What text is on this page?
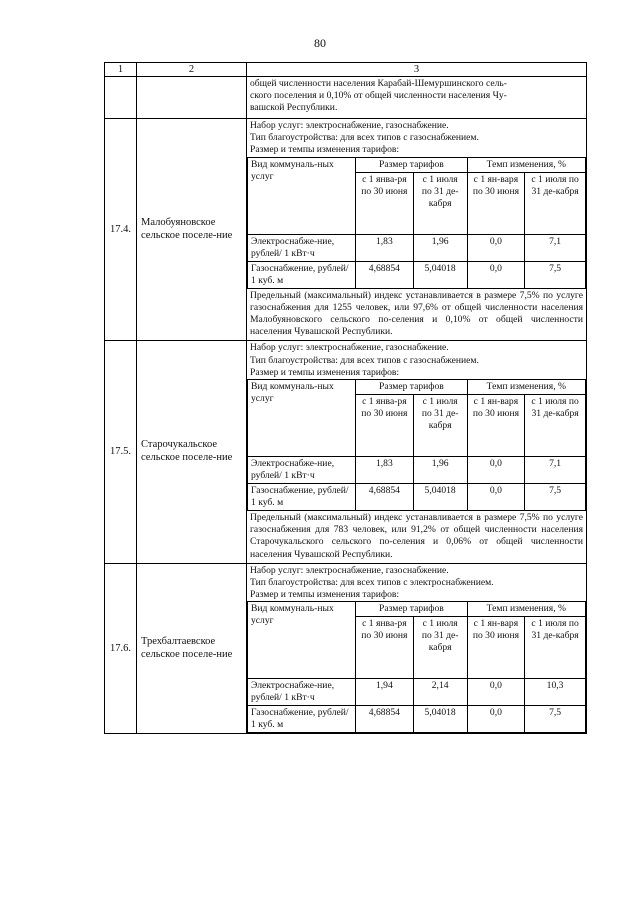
80
1	2	3

общей численности населения Карабай-Шемуршинского сель-
ского поселения и 0,10% от общей численности населения Чу-
вашской Республики.

17.4.	Малобуяновское сельское поселе-ние	
Набор услуг: электроснабжение, газоснабжение.
Тип благоустройства: для всех типов с газоснабжением.
Размер и темпы изменения тарифов:
Вид коммуналь-ных услуг	Размер тарифов	Темп изменения, %
с 1 янва-ря по 30 июня	с 1 июля по 31 де-кабря	с 1 ян-варя по 30 июня	с 1 июля по 31 де-кабря
Электроснабже-ние, рублей/ 1 кВт·ч	1,83	1,96	0,0	7,1
Газоснабжение, рублей/ 1 куб. м	4,68854	5,04018	0,0	7,5
Предельный (максимальный) индекс устанавливается в размере 7,5% по услуге газоснабжения для 1255 человек, или 97,6% от общей численности населения Малобуяновского сельского по-селения и 0,10% от общей численности населения Чувашской Республики.

17.5.	Старочукальское сельское поселе-ние	
Набор услуг: электроснабжение, газоснабжение.
Тип благоустройства: для всех типов с газоснабжением.
Размер и темпы изменения тарифов:
Вид коммуналь-ных услуг	Размер тарифов	Темп изменения, %
с 1 янва-ря по 30 июня	с 1 июля по 31 де-кабря	с 1 ян-варя по 30 июня	с 1 июля по 31 де-кабря
Электроснабже-ние, рублей/ 1 кВт·ч	1,83	1,96	0,0	7,1
Газоснабжение, рублей/ 1 куб. м	4,68854	5,04018	0,0	7,5
Предельный (максимальный) индекс устанавливается в размере 7,5% по услуге газоснабжения для 783 человек, или 91,2% от общей численности населения Старочукальского сельского по-селения и 0,06% от общей численности населения Чувашской Республики.

17.6.	Трехбалтаевское сельское поселе-ние	
Набор услуг: электроснабжение, газоснабжение.
Тип благоустройства: для всех типов с электроснабжением.
Размер и темпы изменения тарифов:
Вид коммуналь-ных услуг	Размер тарифов	Темп изменения, %
с 1 янва-ря по 30 июня	с 1 июля по 31 де-кабря	с 1 ян-варя по 30 июня	с 1 июля по 31 де-кабря
Электроснабже-ние, рублей/ 1 кВт·ч	1,94	2,14	0,0	10,3
Газоснабжение, рублей/ 1 куб. м	4,68854	5,04018	0,0	7,5
